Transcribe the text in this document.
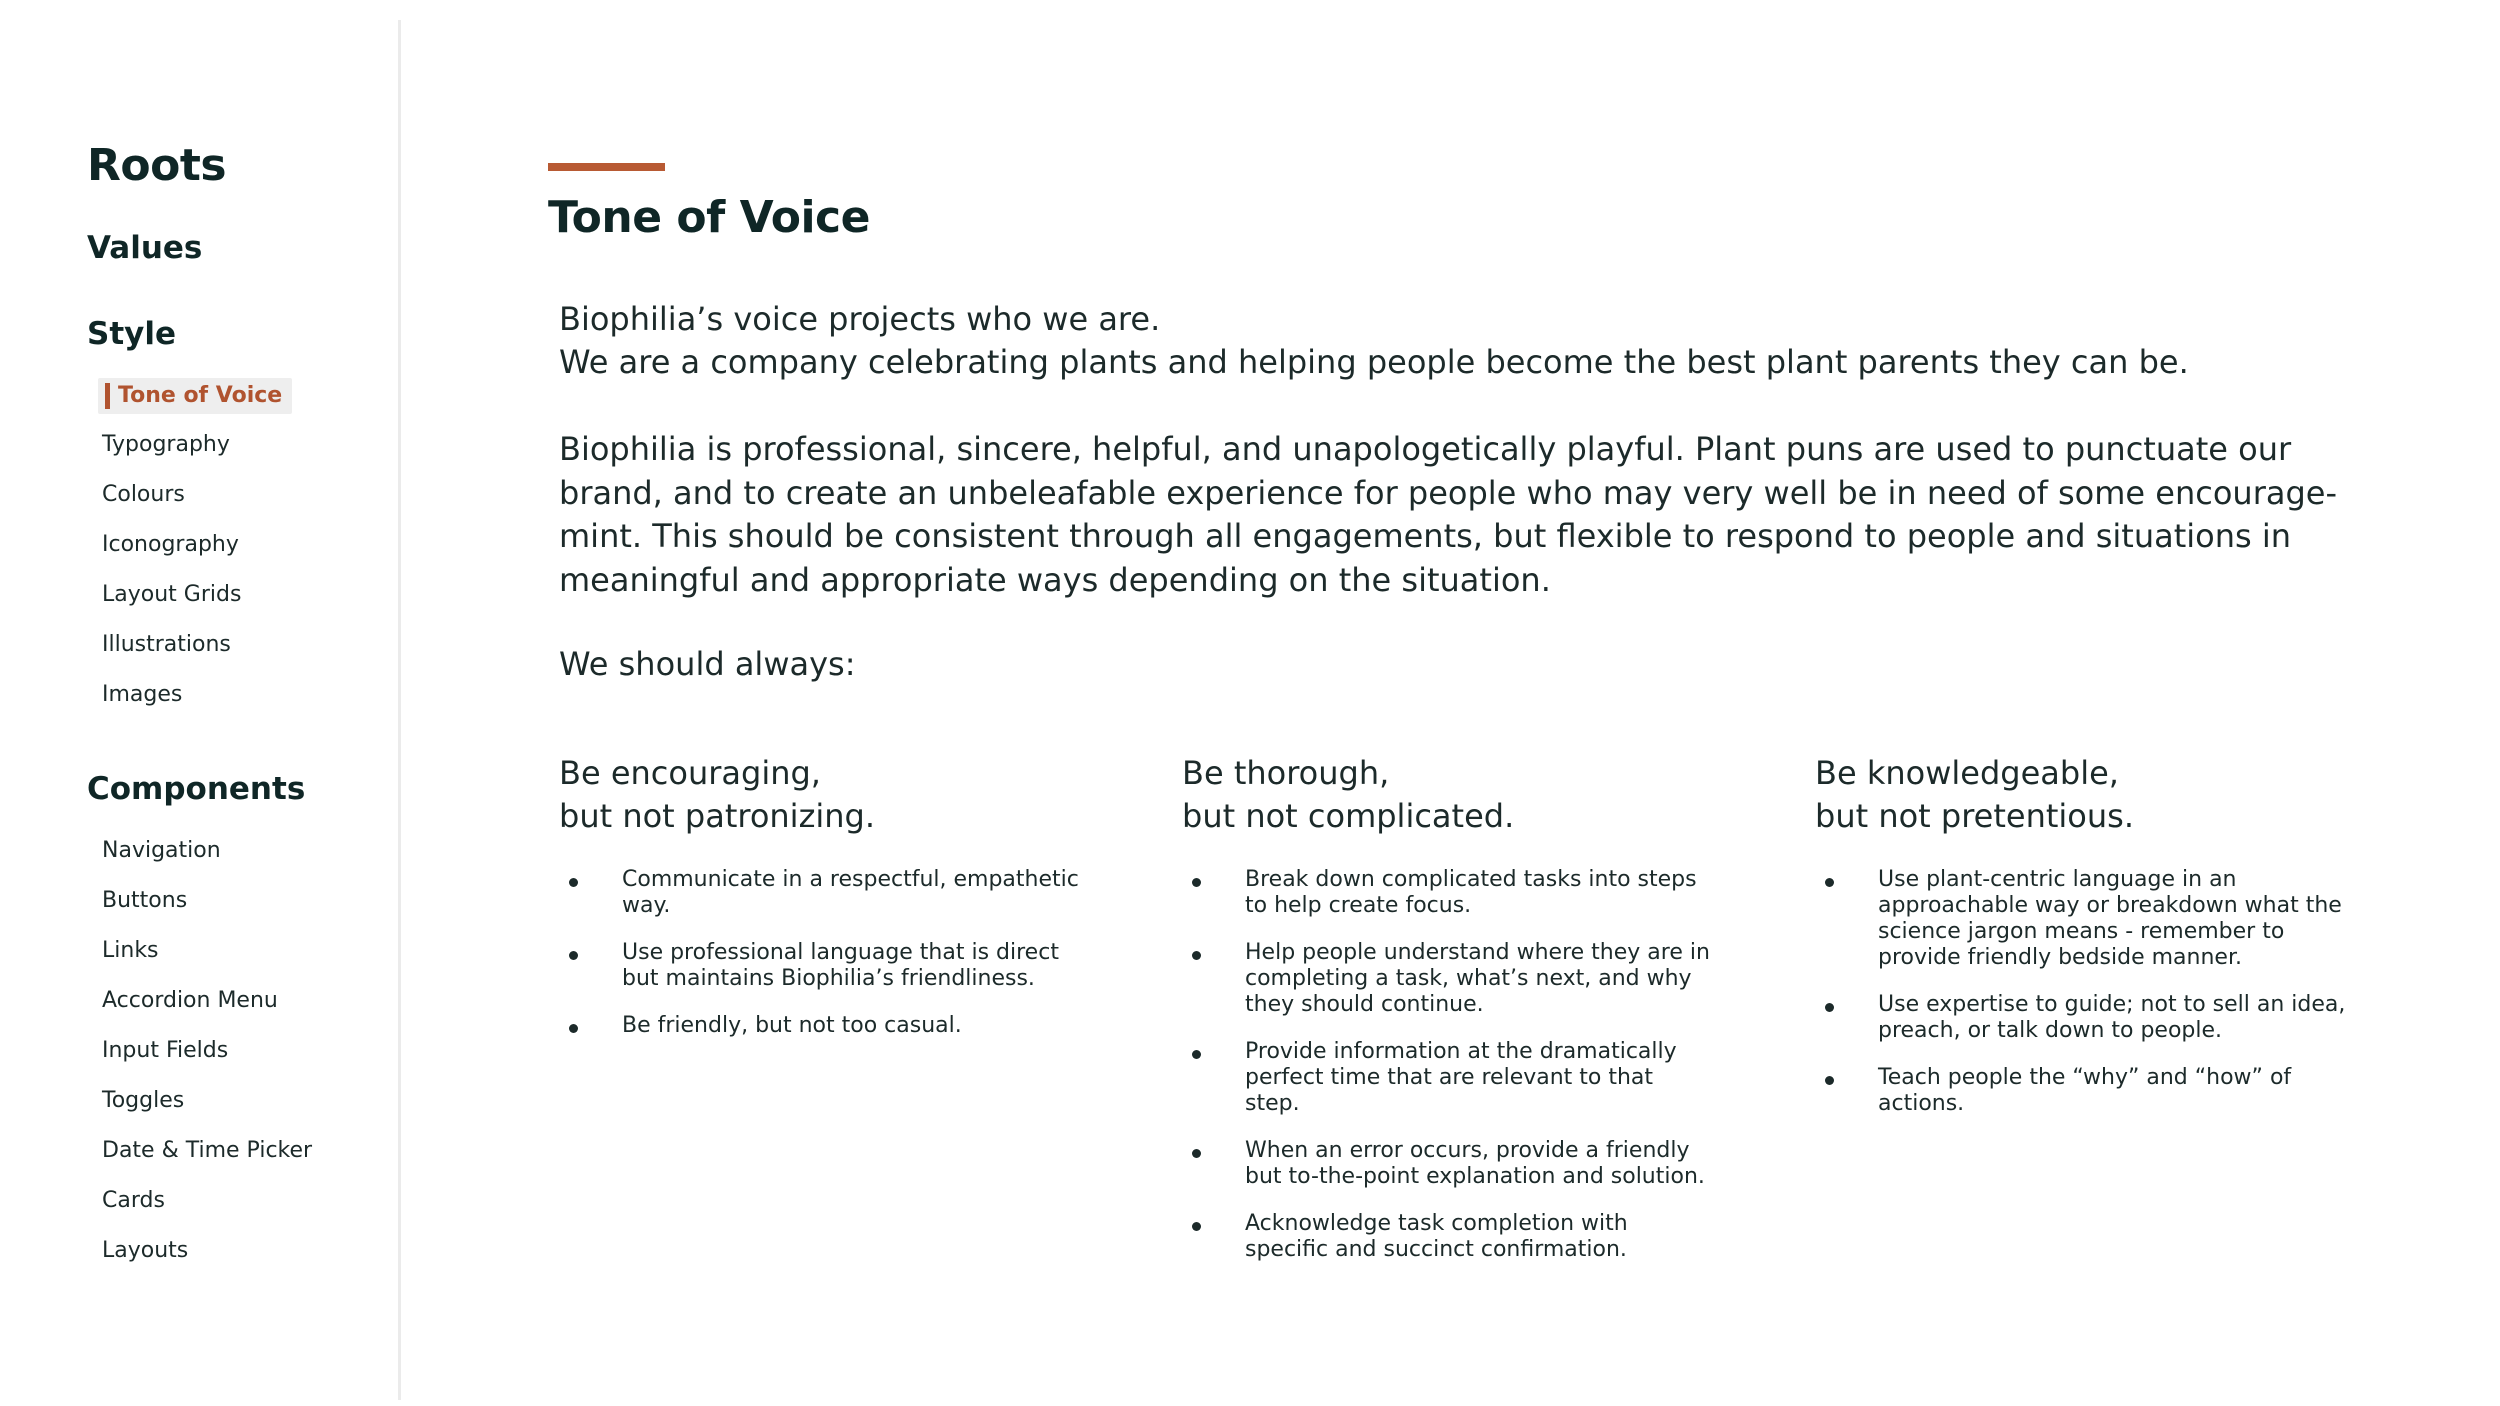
Roots
Values
Style
Tone of Voice
Typography
Colours
Iconography
Layout Grids
Illustrations
Images
Components
Navigation
Buttons
Links
Accordion Menu
Input Fields
Toggles
Date & Time Picker
Cards
Layouts
Tone of Voice
Biophilia’s voice projects who we are.
We are a company celebrating plants and helping people become the best plant parents they can be.

Biophilia is professional, sincere, helpful, and unapologetically playful. Plant puns are used to punctuate our brand, and to create an unbeleafable experience for people who may very well be in need of some encourage-mint. This should be consistent through all engagements, but flexible to respond to people and situations in meaningful and appropriate ways depending on the situation.

We should always:
Be encouraging,
but not patronizing.
Communicate in a respectful, empathetic way.
Use professional language that is direct but maintains Biophilia’s friendliness.
Be friendly, but not too casual.
Be thorough,
but not complicated.
Break down complicated tasks into steps to help create focus.
Help people understand where they are in completing a task, what’s next, and why they should continue.
Provide information at the dramatically perfect time that are relevant to that step.
When an error occurs, provide a friendly but to-the-point explanation and solution.
Acknowledge task completion with specific and succinct confirmation.
Be knowledgeable,
but not pretentious.
Use plant-centric language in an approachable way or breakdown what the science jargon means - remember to provide friendly bedside manner.
Use expertise to guide; not to sell an idea, preach, or talk down to people.
Teach people the “why” and “how” of actions.
